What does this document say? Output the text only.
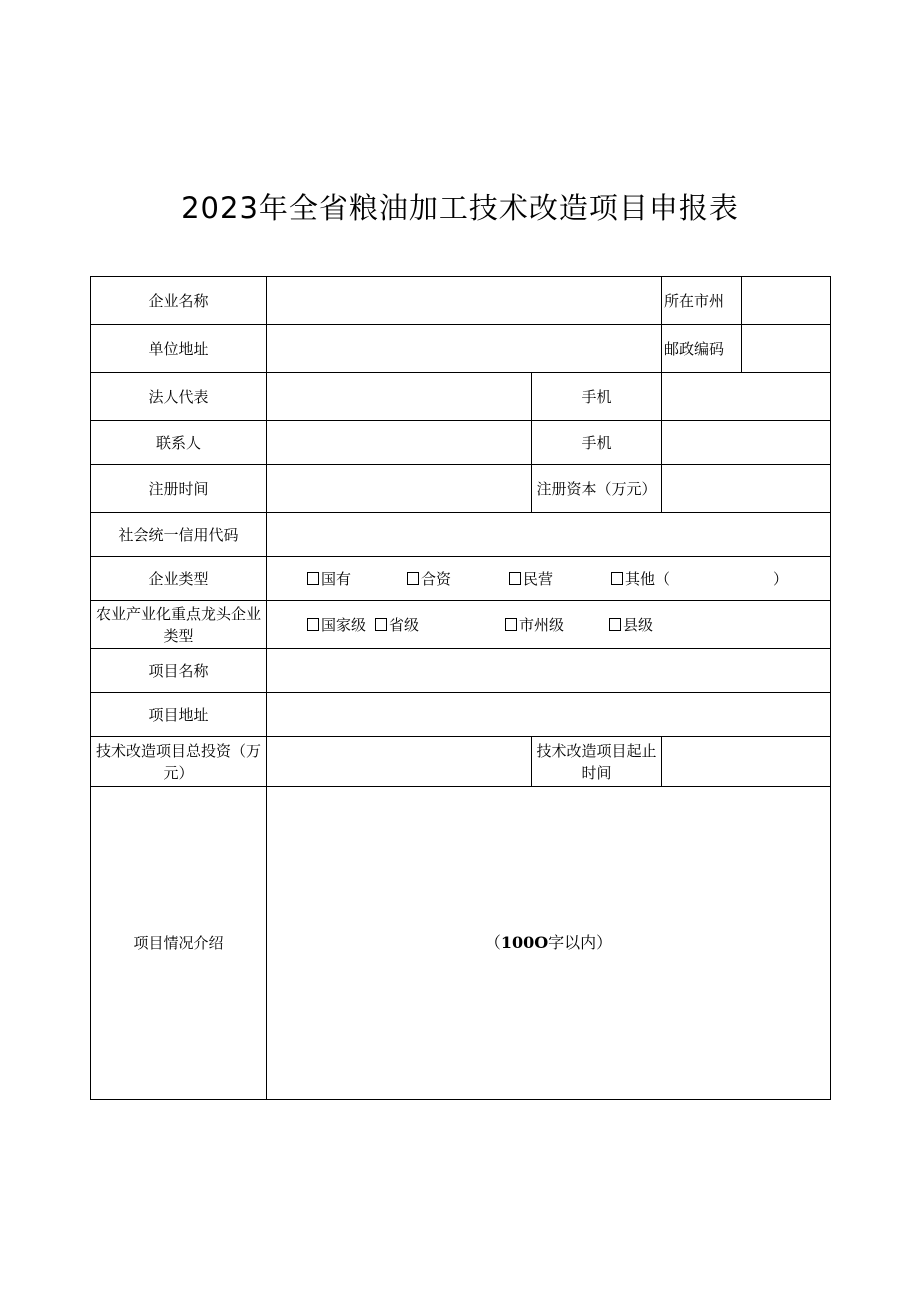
2023年全省粮油加工技术改造项目申报表
企业名称			所在市州	
单位地址			邮政编码	
法人代表		手机		
联系人		手机		
注册时间		注册资本（万元）		
社会统一信用代码				
企业类型	国有 合资 民营 其他（ ）			
农业产业化重点龙头企业类型	国家级 省级 市州级 县级			
项目名称				
项目地址				
技术改造项目总投资（万元）		技术改造项目起止时间		
项目情况介绍	（100O字以内）			
